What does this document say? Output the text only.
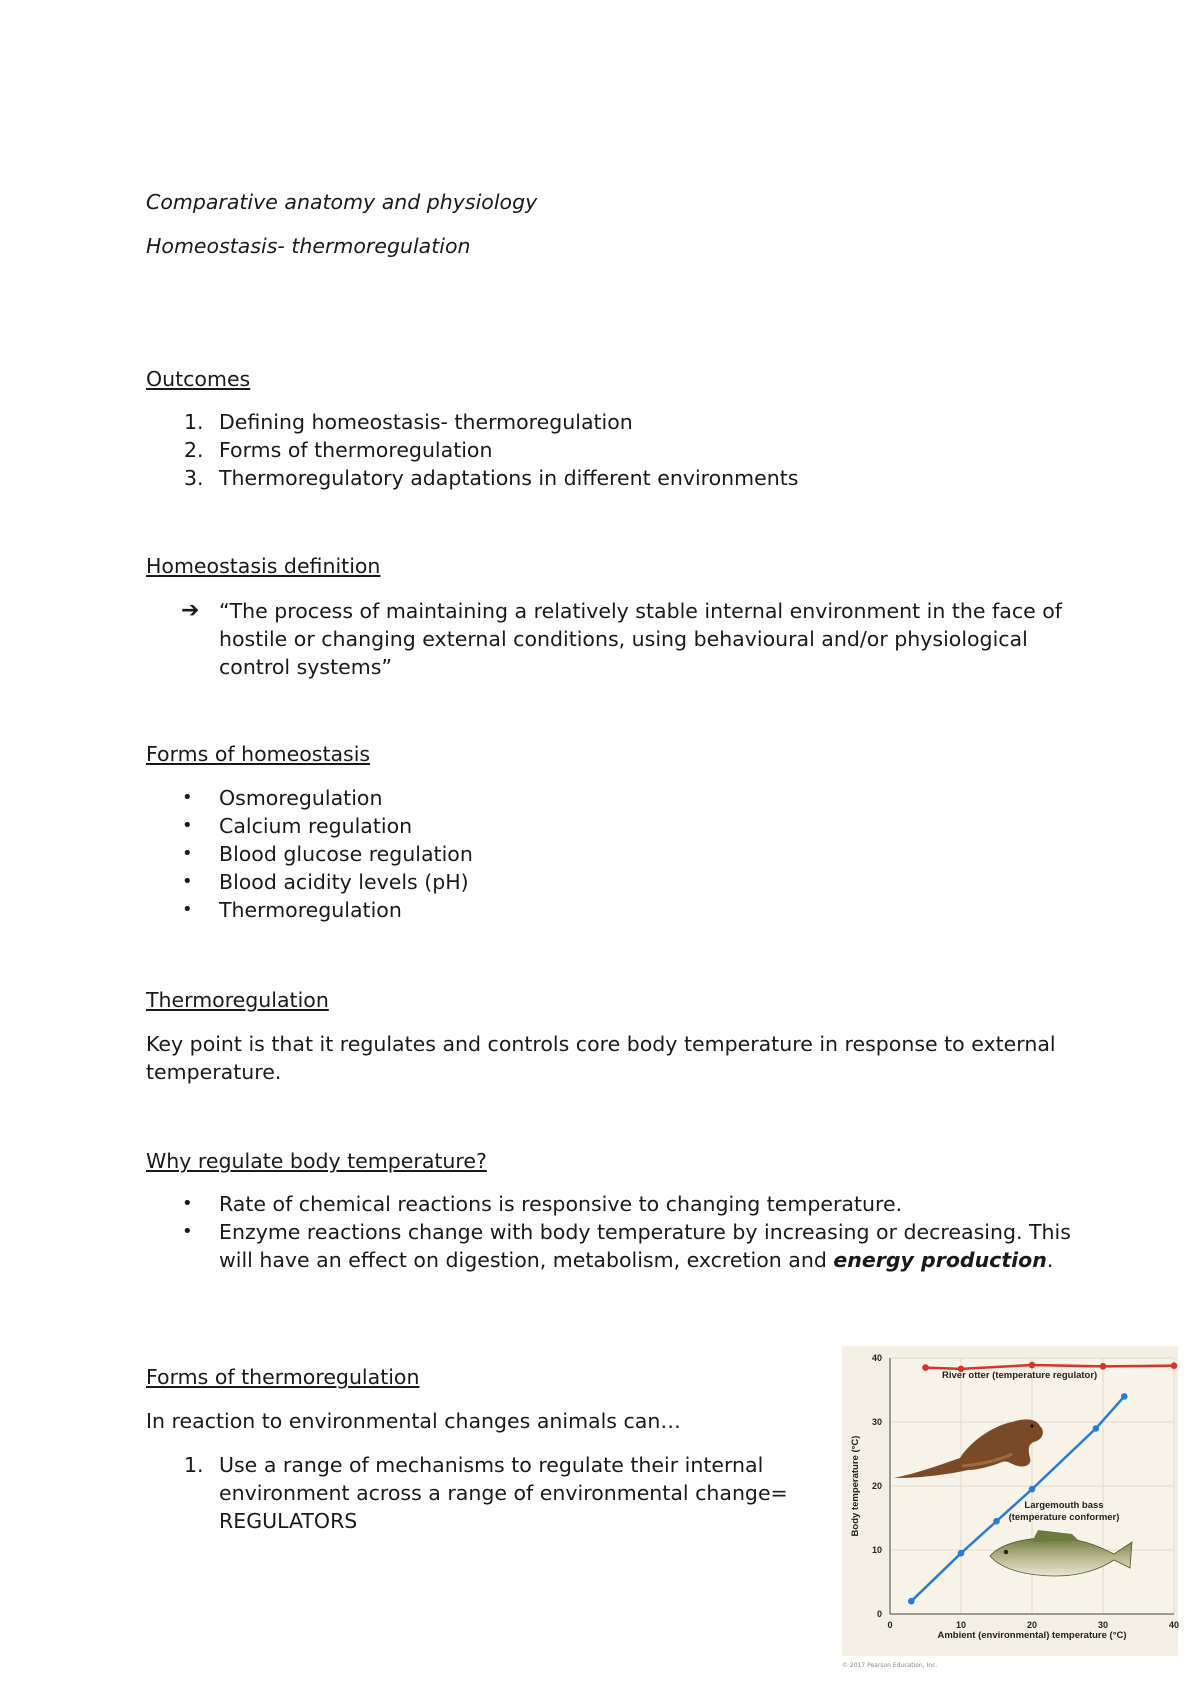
Comparative anatomy and physiology
Homeostasis- thermoregulation
Outcomes
1. Defining homeostasis- thermoregulation
2. Forms of thermoregulation
3. Thermoregulatory adaptations in different environments
Homeostasis definition
➔ “The process of maintaining a relatively stable internal environment in the face of hostile or changing external conditions, using behavioural and/or physiological control systems”
Forms of homeostasis
• Osmoregulation
• Calcium regulation
• Blood glucose regulation
• Blood acidity levels (pH)
• Thermoregulation
Thermoregulation
Key point is that it regulates and controls core body temperature in response to external temperature.
Why regulate body temperature?
• Rate of chemical reactions is responsive to changing temperature.
• Enzyme reactions change with body temperature by increasing or decreasing. This will have an effect on digestion, metabolism, excretion and energy production.
Forms of thermoregulation
In reaction to environmental changes animals can…
1. Use a range of mechanisms to regulate their internal environment across a range of environmental change= REGULATORS
0	10	20	30	40
0
10
20
30
40
River otter (temperature regulator)
Largemouth bass
(temperature conformer)
Body temperature (°C)
Ambient (environmental) temperature (°C)
© 2017 Pearson Education, Inc.
